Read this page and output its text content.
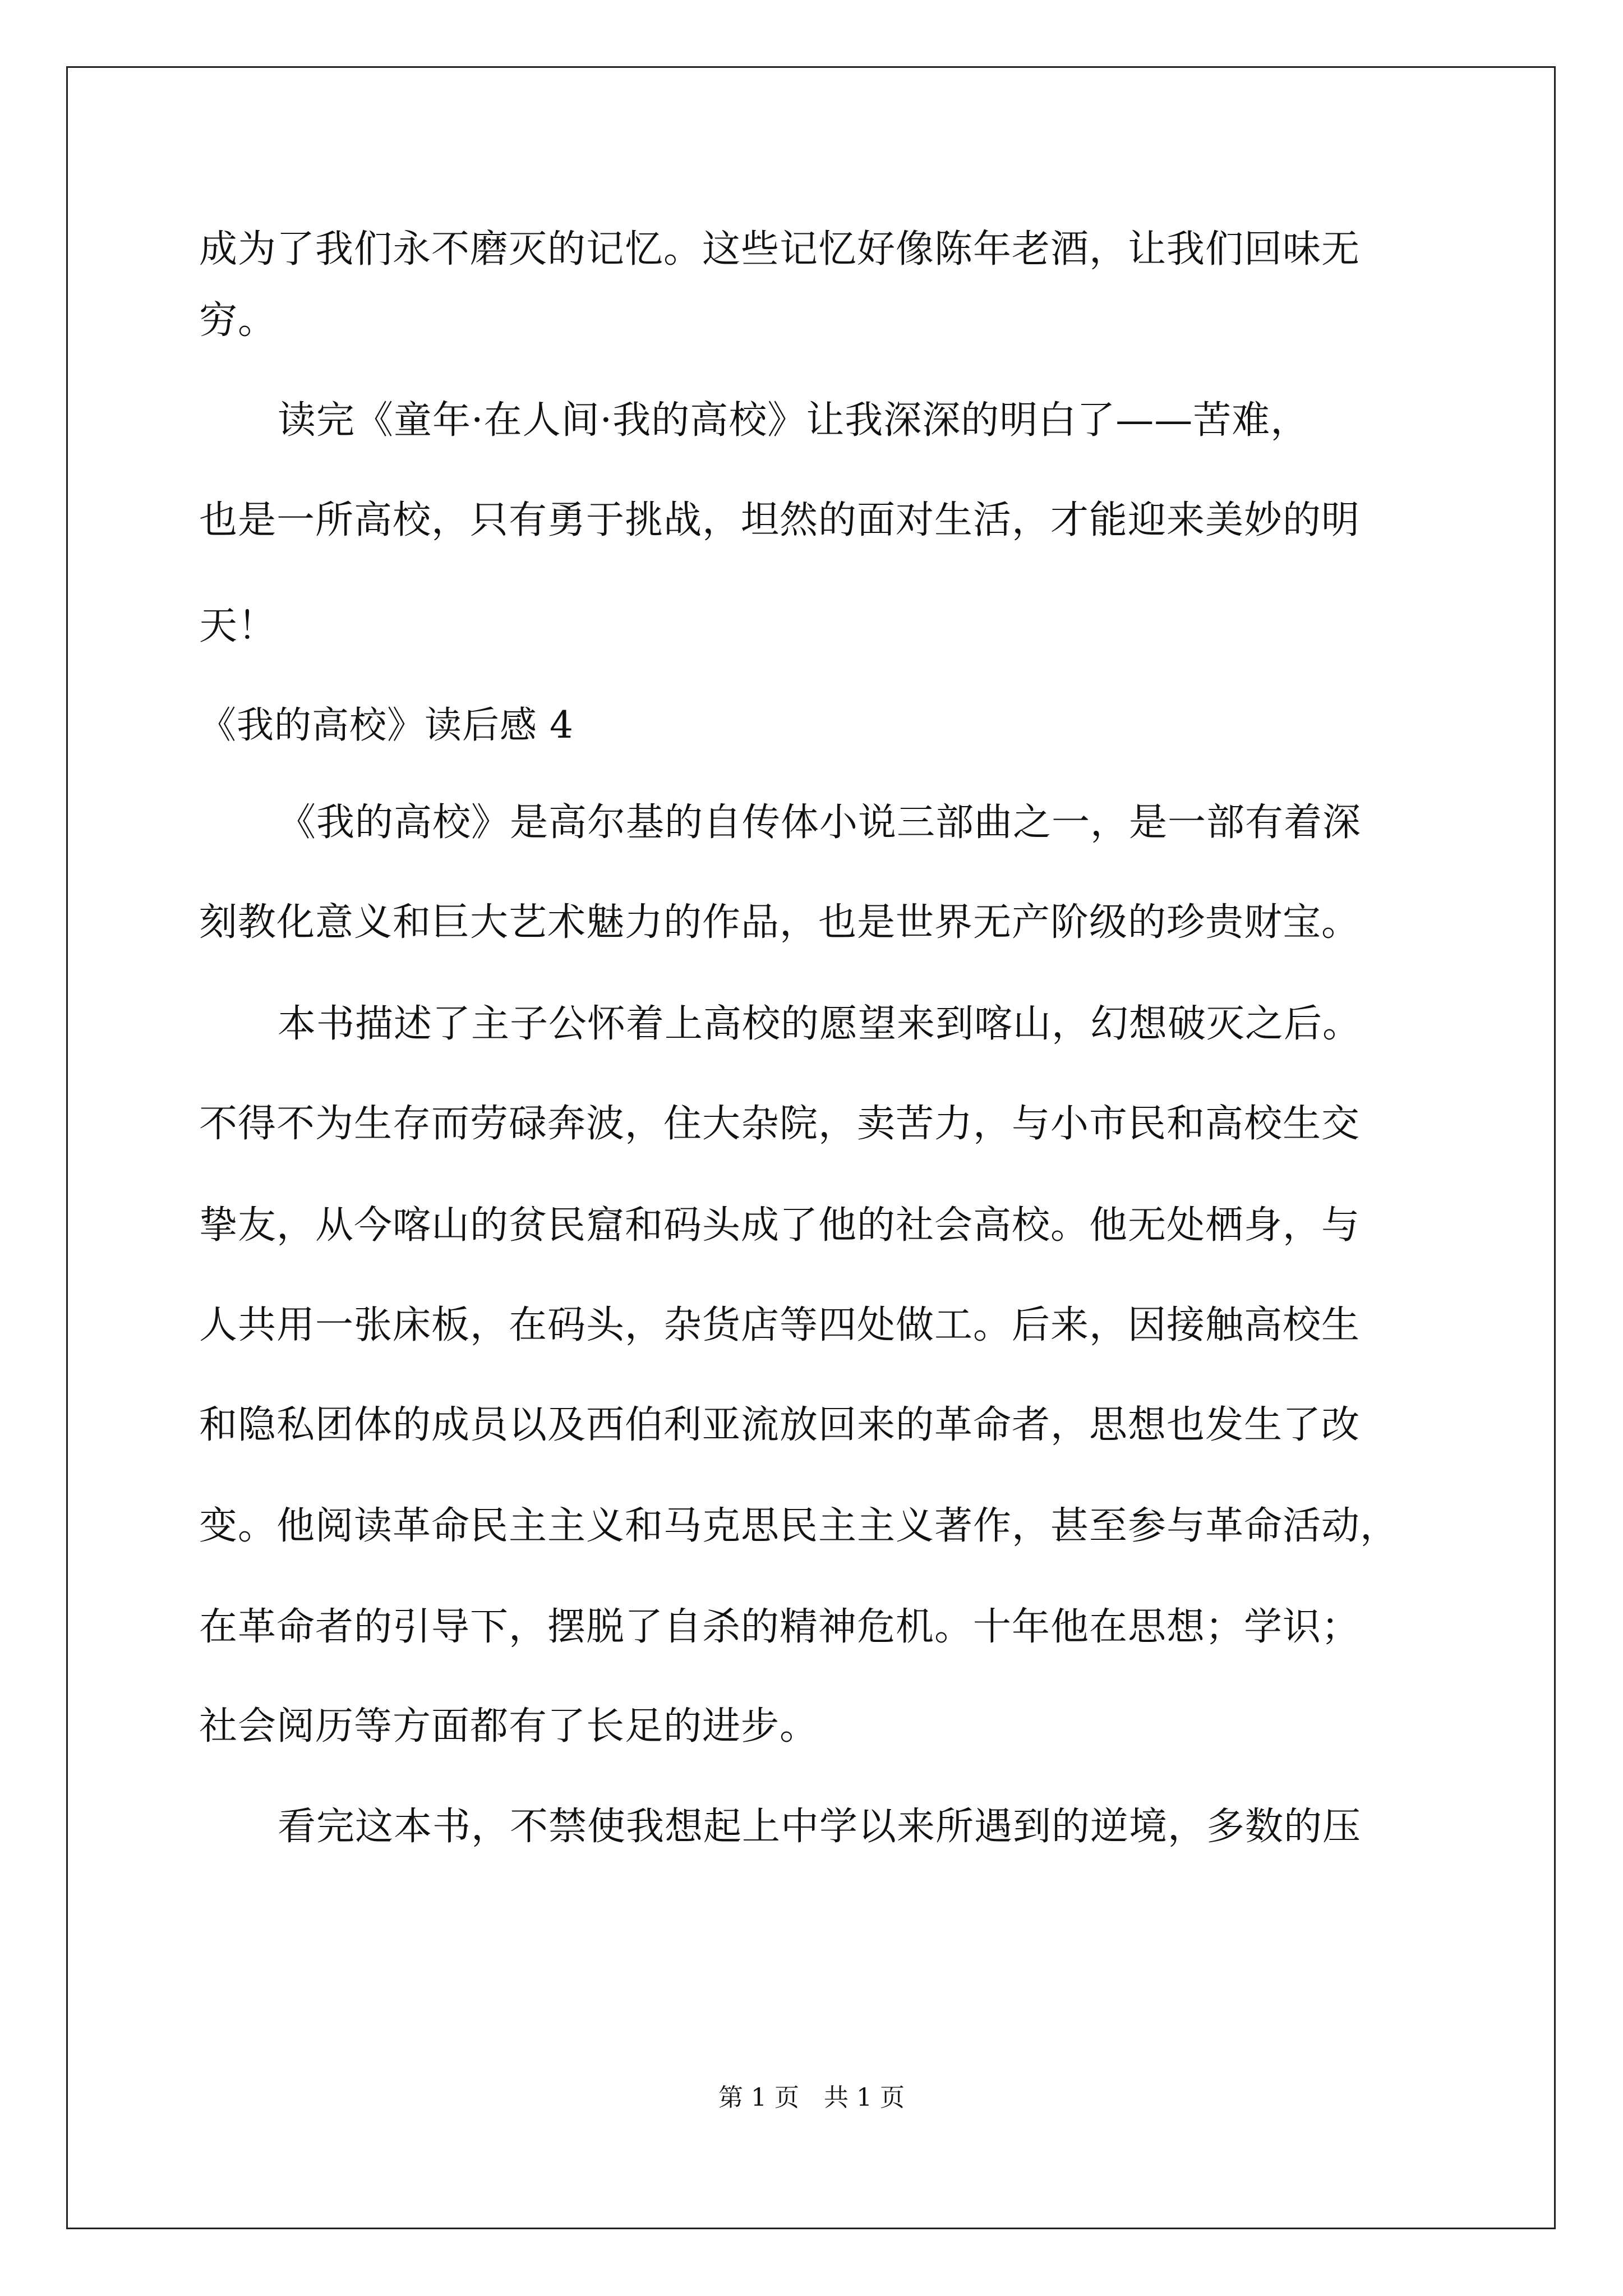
成为了我们永不磨灭的记忆。这些记忆好像陈年老酒，让我们回味无
穷。
读完《童年·在人间·我的高校》让我深深的明白了——苦难，
也是一所高校，只有勇于挑战，坦然的面对生活，才能迎来美妙的明
天！
《我的高校》读后感 4
《我的高校》是高尔基的自传体小说三部曲之一，是一部有着深
刻教化意义和巨大艺术魅力的作品，也是世界无产阶级的珍贵财宝。
本书描述了主子公怀着上高校的愿望来到喀山，幻想破灭之后。
不得不为生存而劳碌奔波，住大杂院，卖苦力，与小市民和高校生交
挚友，从今喀山的贫民窟和码头成了他的社会高校。他无处栖身，与
人共用一张床板，在码头，杂货店等四处做工。后来，因接触高校生
和隐私团体的成员以及西伯利亚流放回来的革命者，思想也发生了改
变。他阅读革命民主主义和马克思民主主义著作，甚至参与革命活动，
在革命者的引导下，摆脱了自杀的精神危机。十年他在思想；学识；
社会阅历等方面都有了长足的进步。
看完这本书，不禁使我想起上中学以来所遇到的逆境，多数的压
第 1 页　共 1 页
